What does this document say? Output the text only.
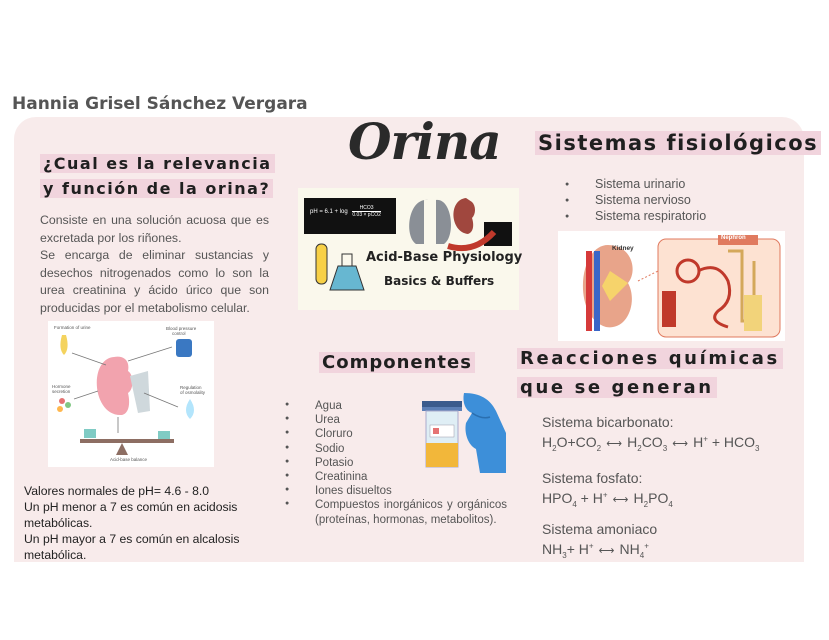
Hannia Grisel Sánchez Vergara
Orina
¿Cual es la relevancia
y función de la orina?

Consiste en una solución acuosa que es excretada por los riñones.

Se encarga de eliminar sustancias y desechos nitrogenados como lo son la urea creatinina y ácido úrico que son producidas por el metabolismo celular.

Formation of urine	Blood pressure
control
Hormone
secretion
Regulation
of osmolality
Acid-base balance

Valores normales de pH= 4.6 - 8.0

Un pH menor a 7 es común en acidosis metabólicas.

Un pH mayor a 7 es común en alcalosis metabólica.

pH = 6.1 + log
HCO3
0.03 × pCO2
Acid-Base Physiology
Basics & Buffers
Sistemas fisiológicos
● Sistema urinario
● Sistema nervioso
● Sistema respiratorio
Kidney
Nephron
Componentes
●	Agua
●	Urea
●	Cloruro
●	Sodio
●	Potasio
●	Creatinina
●	Iones disueltos
●	Compuestos inorgánicos y orgánicos (proteínas, hormonas, metabolitos).
Reacciones químicas
que se generan
Sistema bicarbonato:
$H_2O+CO_2$ ⟷ $H_2CO_3$ ⟷ $H^+ + HCO_3$
Sistema fosfato:
$HPO_4 + H^+$ ⟷ $H_2PO_4$
Sistema amoniaco
$NH_3+ H^+$ ⟷ $NH_4^+$
